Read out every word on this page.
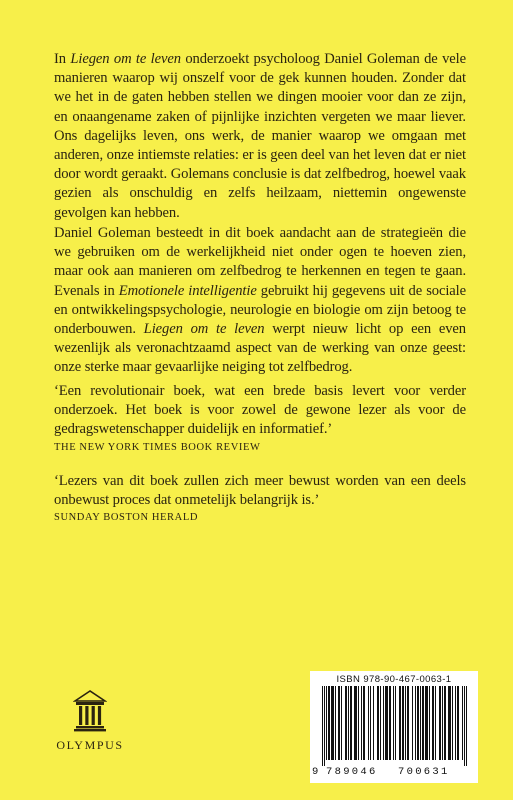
In Liegen om te leven onderzoekt psycholoog Daniel Goleman de vele manieren waarop wij onszelf voor de gek kunnen houden. Zonder dat we het in de gaten hebben stellen we dingen mooier voor dan ze zijn, en onaangename zaken of pijnlijke inzichten vergeten we maar liever. Ons dagelijks leven, ons werk, de manier waarop we omgaan met anderen, onze intiemste relaties: er is geen deel van het leven dat er niet door wordt geraakt. Golemans conclusie is dat zelfbedrog, hoewel vaak gezien als onschuldig en zelfs heilzaam, niettemin ongewenste gevolgen kan hebben.

Daniel Goleman besteedt in dit boek aandacht aan de strategieën die we gebruiken om de werkelijkheid niet onder ogen te hoeven zien, maar ook aan manieren om zelfbedrog te herkennen en tegen te gaan. Evenals in Emotionele intelligentie gebruikt hij gegevens uit de sociale en ontwikkelingspsychologie, neurologie en biologie om zijn betoog te onderbouwen. Liegen om te leven werpt nieuw licht op een even wezenlijk als veronachtzaamd aspect van de werking van onze geest: onze sterke maar gevaarlijke neiging tot zelfbedrog.

‘Een revolutionair boek, wat een brede basis levert voor verder onderzoek. Het boek is voor zowel de gewone lezer als voor de gedragswetenschapper duidelijk en informatief.’

THE NEW YORK TIMES BOOK REVIEW

‘Lezers van dit boek zullen zich meer bewust worden van een deels onbewust proces dat onmetelijk belangrijk is.’

SUNDAY BOSTON HERALD
OLYMPUS
ISBN 978-90-467-0063-1
9 789046 700631
